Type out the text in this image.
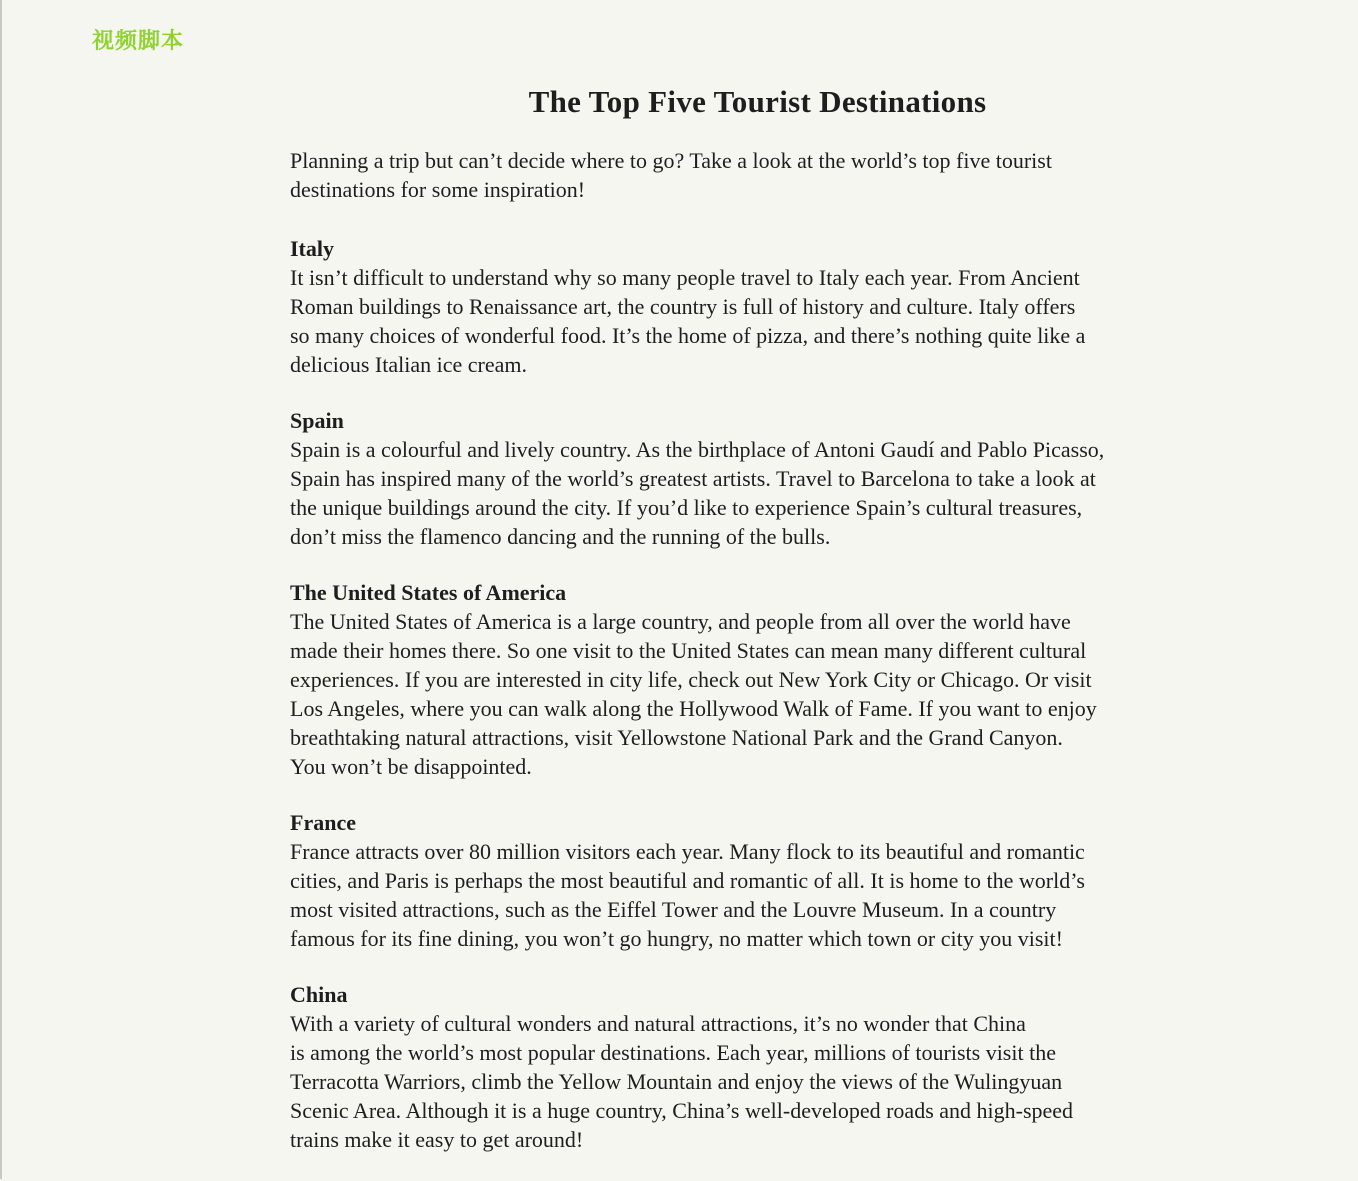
视频脚本
The Top Five Tourist Destinations

Planning a trip but can’t decide where to go? Take a look at the world’s top five tourist
destinations for some inspiration!

Italy

It isn’t difficult to understand why so many people travel to Italy each year. From Ancient
Roman buildings to Renaissance art, the country is full of history and culture. Italy offers
so many choices of wonderful food. It’s the home of pizza, and there’s nothing quite like a
delicious Italian ice cream.

Spain

Spain is a colourful and lively country. As the birthplace of Antoni Gaudí and Pablo Picasso,
Spain has inspired many of the world’s greatest artists. Travel to Barcelona to take a look at
the unique buildings around the city. If you’d like to experience Spain’s cultural treasures,
don’t miss the flamenco dancing and the running of the bulls.

The United States of America

The United States of America is a large country, and people from all over the world have
made their homes there. So one visit to the United States can mean many different cultural
experiences. If you are interested in city life, check out New York City or Chicago. Or visit
Los Angeles, where you can walk along the Hollywood Walk of Fame. If you want to enjoy
breathtaking natural attractions, visit Yellowstone National Park and the Grand Canyon.
You won’t be disappointed.

France

France attracts over 80 million visitors each year. Many flock to its beautiful and romantic
cities, and Paris is perhaps the most beautiful and romantic of all. It is home to the world’s
most visited attractions, such as the Eiffel Tower and the Louvre Museum. In a country
famous for its fine dining, you won’t go hungry, no matter which town or city you visit!

China

With a variety of cultural wonders and natural attractions, it’s no wonder that China
is among the world’s most popular destinations. Each year, millions of tourists visit the
Terracotta Warriors, climb the Yellow Mountain and enjoy the views of the Wulingyuan
Scenic Area. Although it is a huge country, China’s well-developed roads and high-speed
trains make it easy to get around!
